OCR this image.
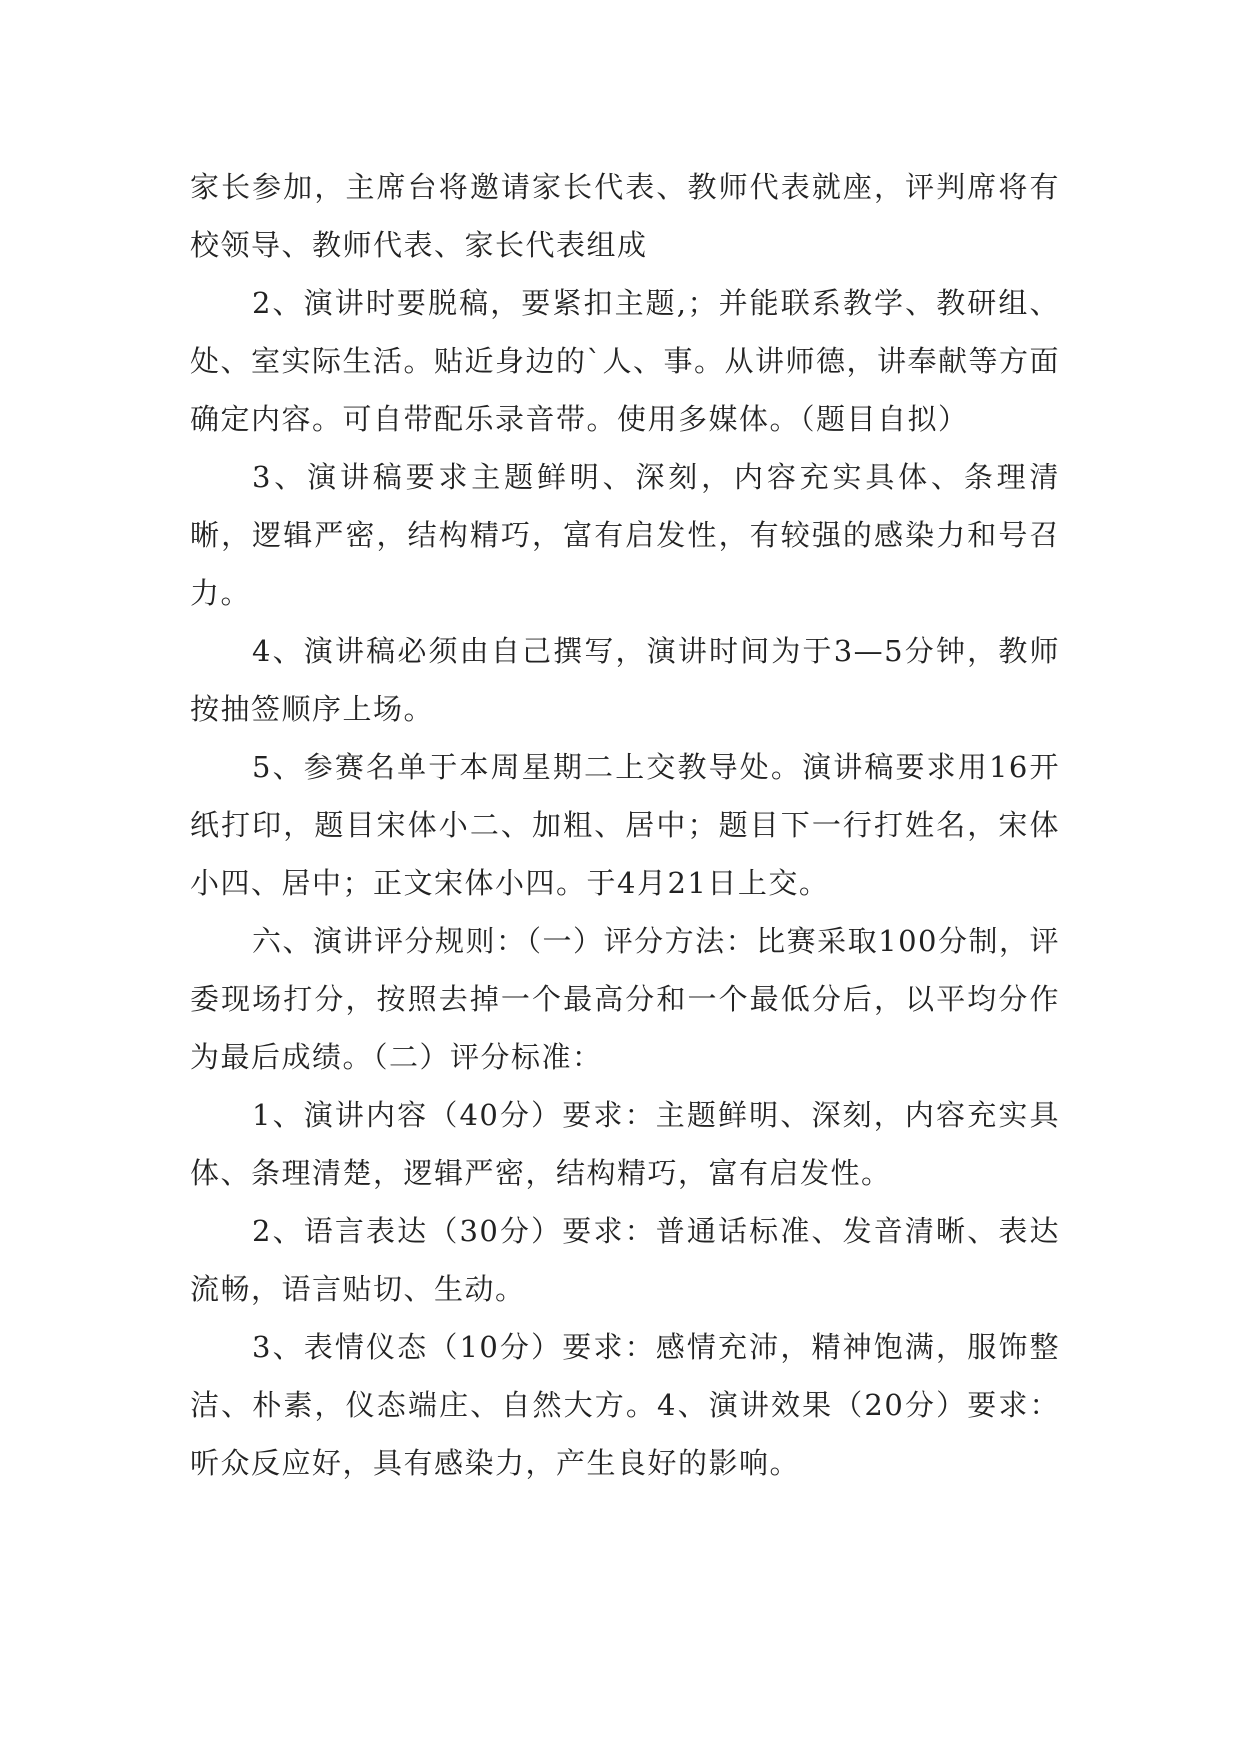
家长参加，主席台将邀请家长代表、教师代表就座，评判席将有校领导、教师代表、家长代表组成

2、演讲时要脱稿，要紧扣主题,；并能联系教学、教研组、处、室实际生活。贴近身边的`人、事。从讲师德，讲奉献等方面确定内容。可自带配乐录音带。使用多媒体。（题目自拟）

3、演讲稿要求主题鲜明、深刻，内容充实具体、条理清晰，逻辑严密，结构精巧，富有启发性，有较强的感染力和号召力。

4、演讲稿必须由自己撰写，演讲时间为于3—5分钟，教师按抽签顺序上场。

5、参赛名单于本周星期二上交教导处。演讲稿要求用16开纸打印，题目宋体小二、加粗、居中；题目下一行打姓名，宋体小四、居中；正文宋体小四。于4月21日上交。

六、演讲评分规则：（一）评分方法：比赛采取100分制，评委现场打分，按照去掉一个最高分和一个最低分后，以平均分作为最后成绩。（二）评分标准：

1、演讲内容（40分）要求：主题鲜明、深刻，内容充实具体、条理清楚，逻辑严密，结构精巧，富有启发性。

2、语言表达（30分）要求：普通话标准、发音清晰、表达流畅，语言贴切、生动。

3、表情仪态（10分）要求：感情充沛，精神饱满，服饰整洁、朴素，仪态端庄、自然大方。4、演讲效果（20分）要求：听众反应好，具有感染力，产生良好的影响。
